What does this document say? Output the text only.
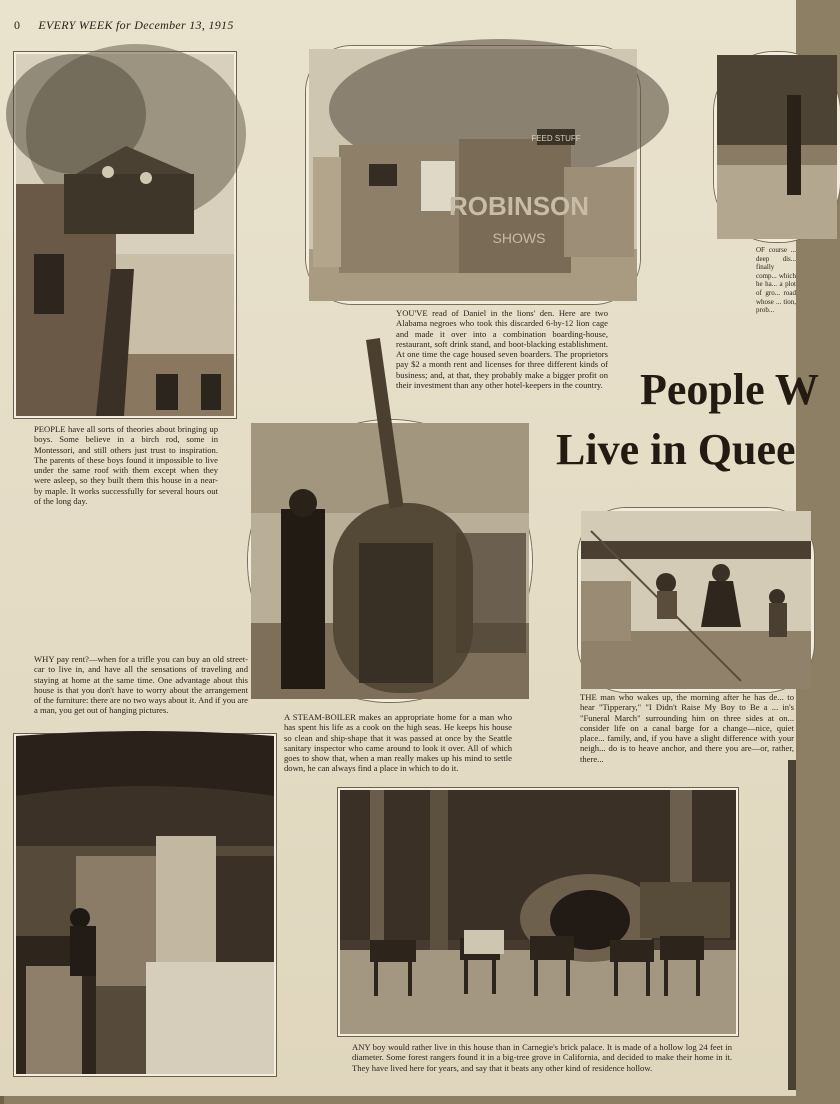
0 EVERY WEEK for December 13, 1915
PEOPLE have all sorts of theories about bringing up boys. Some believe in a birch rod, some in Montessori, and still others just trust to inspiration. The parents of these boys found it impossible to live under the same roof with them except when they were asleep, so they built them this house in a near-by maple. It works successfully for several hours out of the long day.
ROBINSON
SHOWS
FEED STUFF
YOU'VE read of Daniel in the lions' den. Here are two Alabama negroes who took this discarded 6-by-12 lion cage and made it over into a combination boarding-house, restaurant, soft drink stand, and boot-blacking establishment. At one time the cage housed seven boarders. The proprietors pay $2 a month rent and licenses for three different kinds of business; and, at that, they probably make a bigger profit on their investment than any other hotel-keepers in the country.
OF course ... deep dis... finally comp... which he ha... a plot of gro... road whose ... tion, prob...
People W
Live in Quee
WHY pay rent?—when for a trifle you can buy an old street-car to live in, and have all the sensations of traveling and staying at home at the same time. One advantage about this house is that you don't have to worry about the arrangement of the furniture: there are no two ways about it. And if you are a man, you get out of hanging pictures.
A STEAM-BOILER makes an appropriate home for a man who has spent his life as a cook on the high seas. He keeps his house so clean and ship-shape that it was passed at once by the Seattle sanitary inspector who came around to look it over. All of which goes to show that, when a man really makes up his mind to settle down, he can always find a place in which to do it.
THE man who wakes up, the morning after he has de... to hear "Tipperary," "I Didn't Raise My Boy to Be a ... in's "Funeral March" surrounding him on three sides at on... consider life on a canal barge for a change—nice, quiet place... family, and, if you have a slight difference with your neigh... do is to heave anchor, and there you are—or, rather, there...
ANY boy would rather live in this house than in Carnegie's brick palace. It is made of a hollow log 24 feet in diameter. Some forest rangers found it in a big-tree grove in California, and decided to make their home in it. They have lived here for years, and say that it beats any other kind of residence hollow.
